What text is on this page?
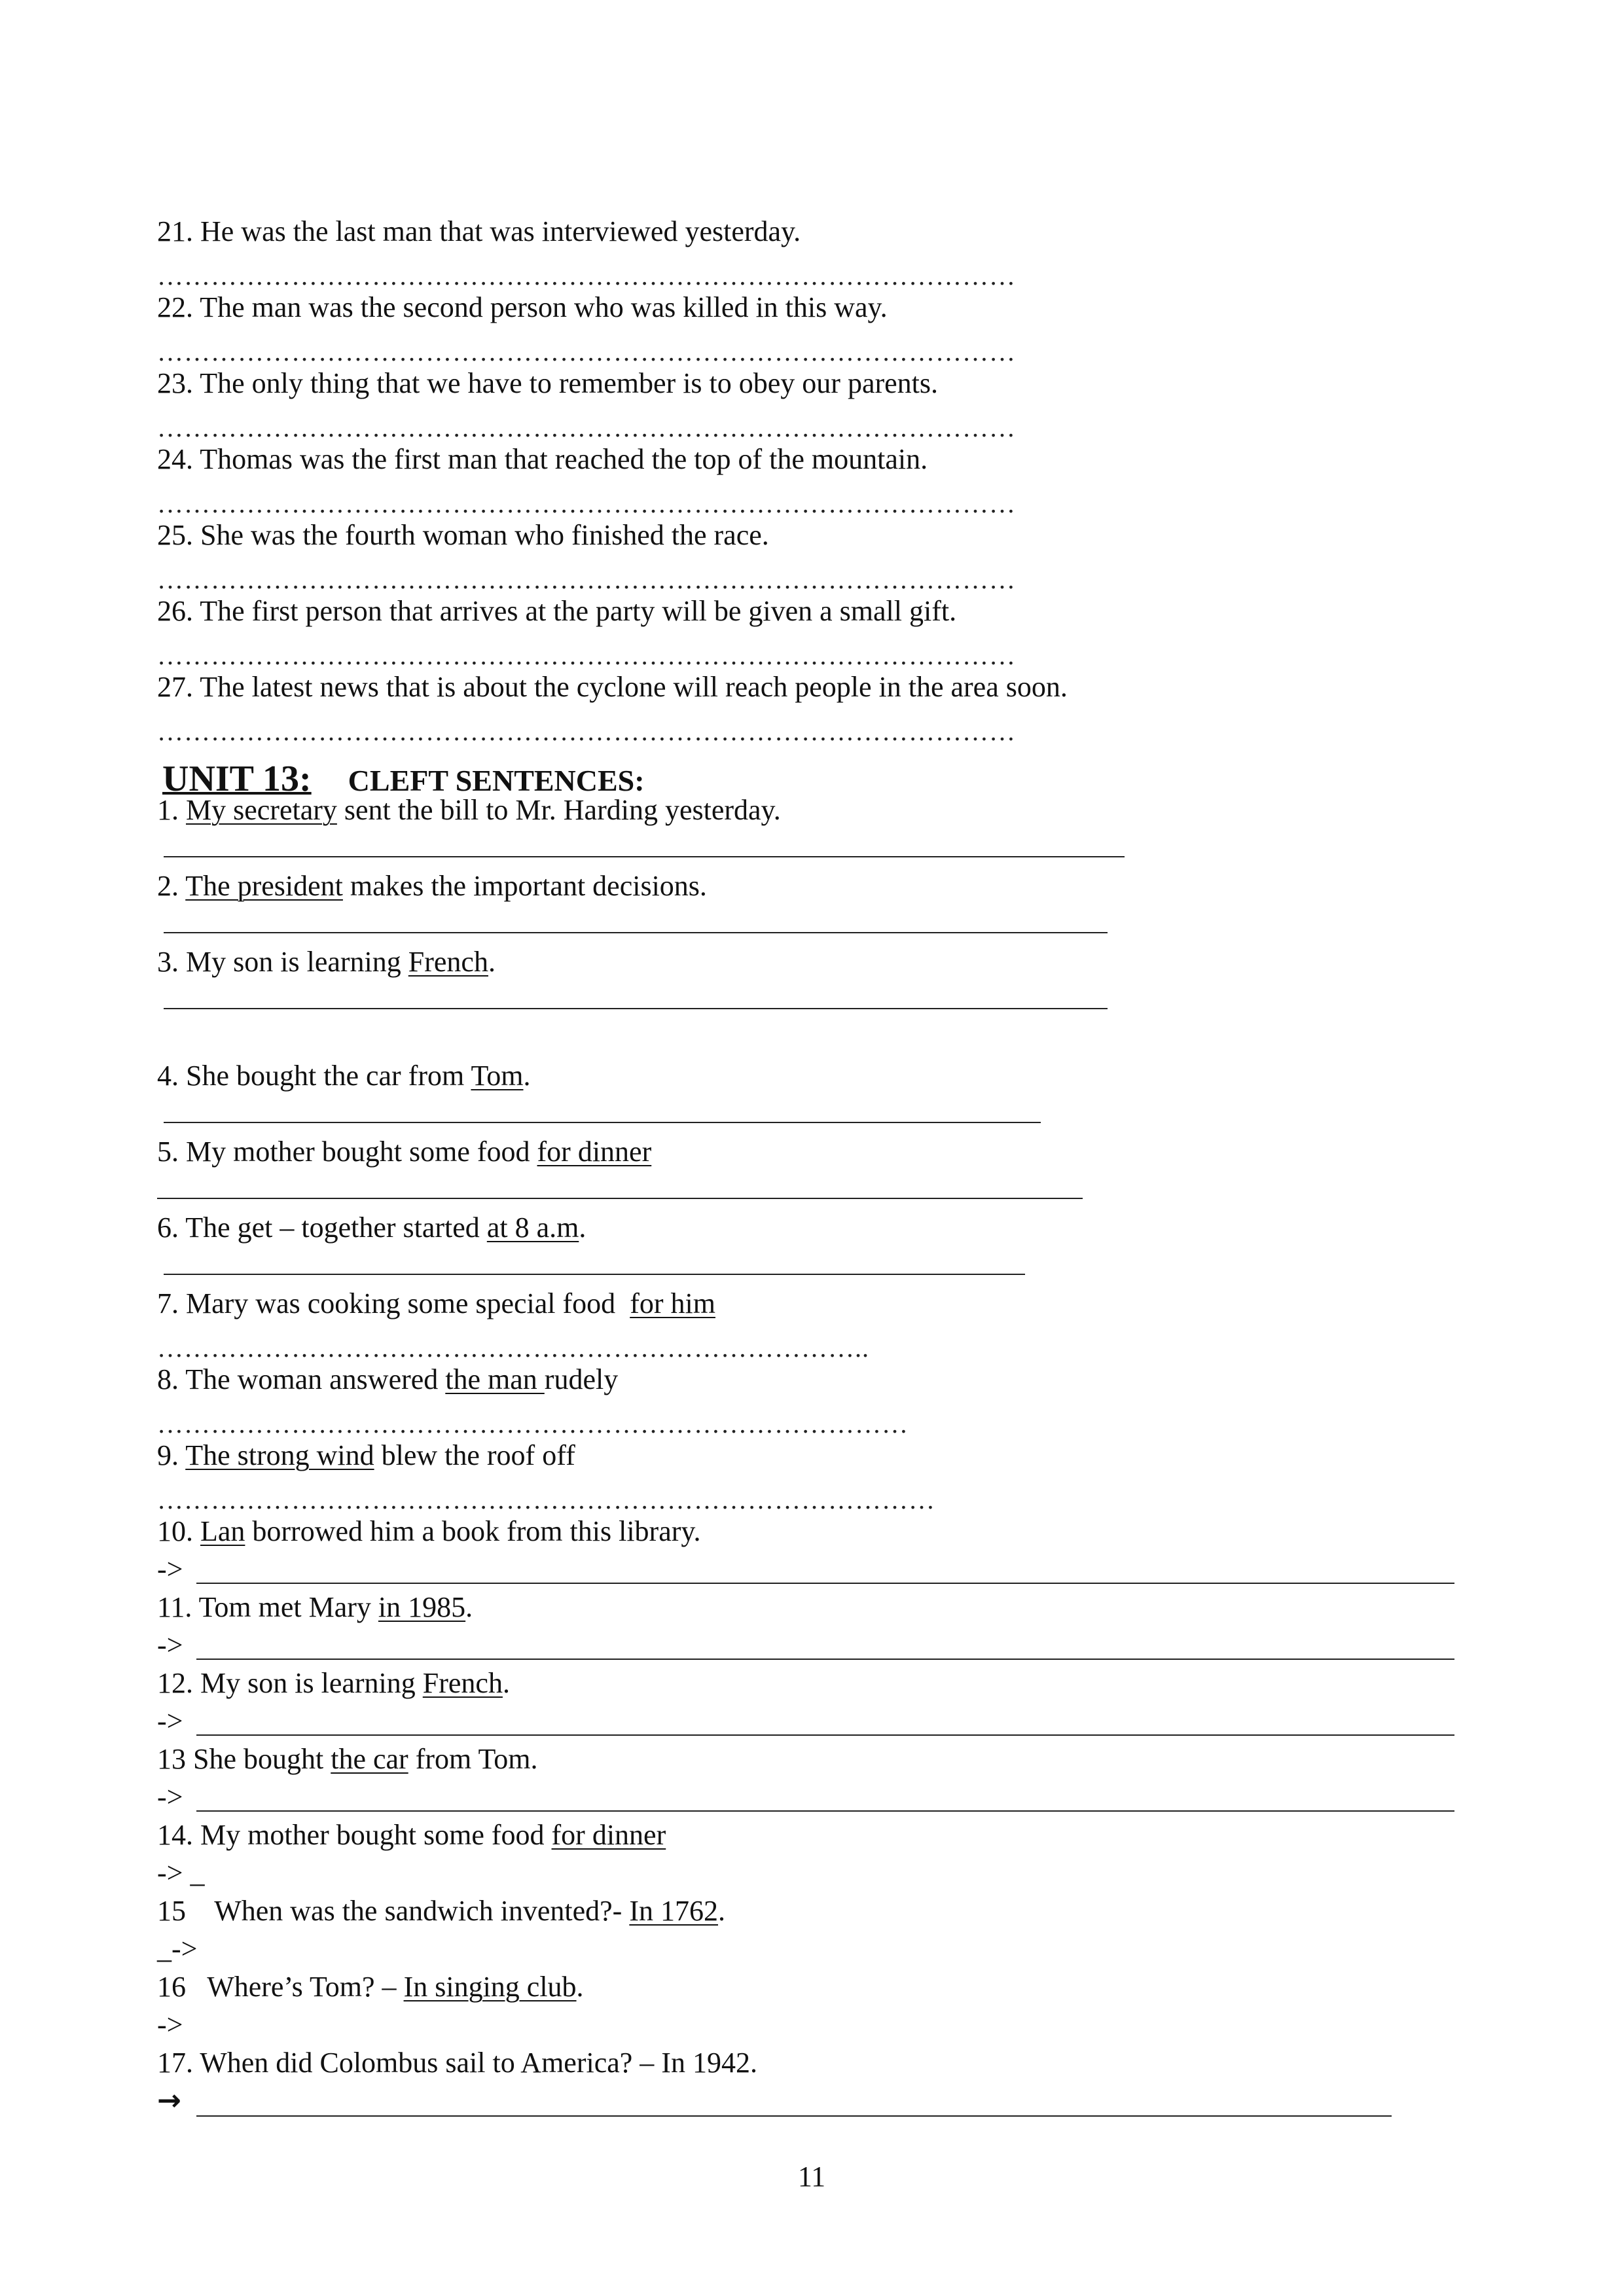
21. He was the last man that was interviewed yesterday.
……………………………………………………………………………………
22. The man was the second person who was killed in this way.
……………………………………………………………………………………
23. The only thing that we have to remember is to obey our parents.
……………………………………………………………………………………
24. Thomas was the first man that reached the top of the mountain.
……………………………………………………………………………………
25. She was the fourth woman who finished the race.
……………………………………………………………………………………
26. The first person that arrives at the party will be given a small gift.
……………………………………………………………………………………
27. The latest news that is about the cyclone will reach people in the area soon.
……………………………………………………………………………………

UNIT 13: CLEFT SENTENCES:

1. My secretary sent the bill to Mr. Harding yesterday.
2. The president makes the important decisions.
3. My son is learning French.
4. She bought the car from Tom.
5. My mother bought some food for dinner
6. The get – together started at 8 a.m.
7. Mary was cooking some special food  for him
……………………………………………………………………..
8. The woman answered the man rudely
…………………………………………………………………………
9. The strong wind blew the roof off
……………………………………………………………………………
10. Lan borrowed him a book from this library.
->
11. Tom met Mary in 1985.
->
12. My son is learning French.
->
13 She bought the car from Tom.
->
14. My mother bought some food for dinner
-> _
15    When was the sandwich invented?- In 1762.
_->
16   Where’s Tom? – In singing club.
->
17. When did Colombus sail to America? – In 1942.
→
11
